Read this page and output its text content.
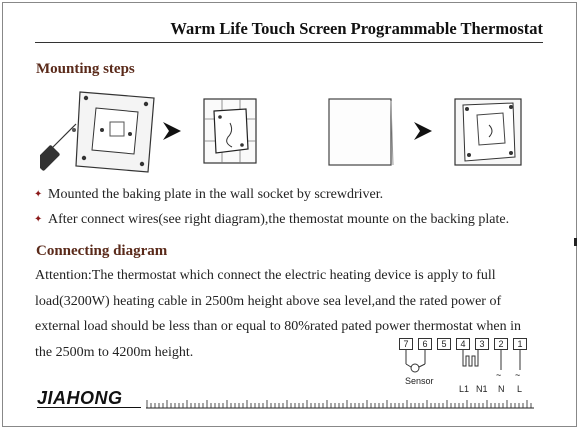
Warm Life Touch Screen Programmable Thermostat
Mounting steps
✦ Mounted the baking plate in the wall socket by screwdriver.
✦ After connect wires(see right diagram),the themostat mounte on the backing plate.
Connecting diagram
Attention:The thermostat which connect the electric heating device is apply to full load(3200W) heating cable in 2500m height above sea level,and the rated power of external load should be less than or equal to 80%rated pated power thermostat when in the 2500m to 4200m height.
7	6	5	4	3	2	1
~ ~
Sensor
L1 N1 N L
JIAHONG
